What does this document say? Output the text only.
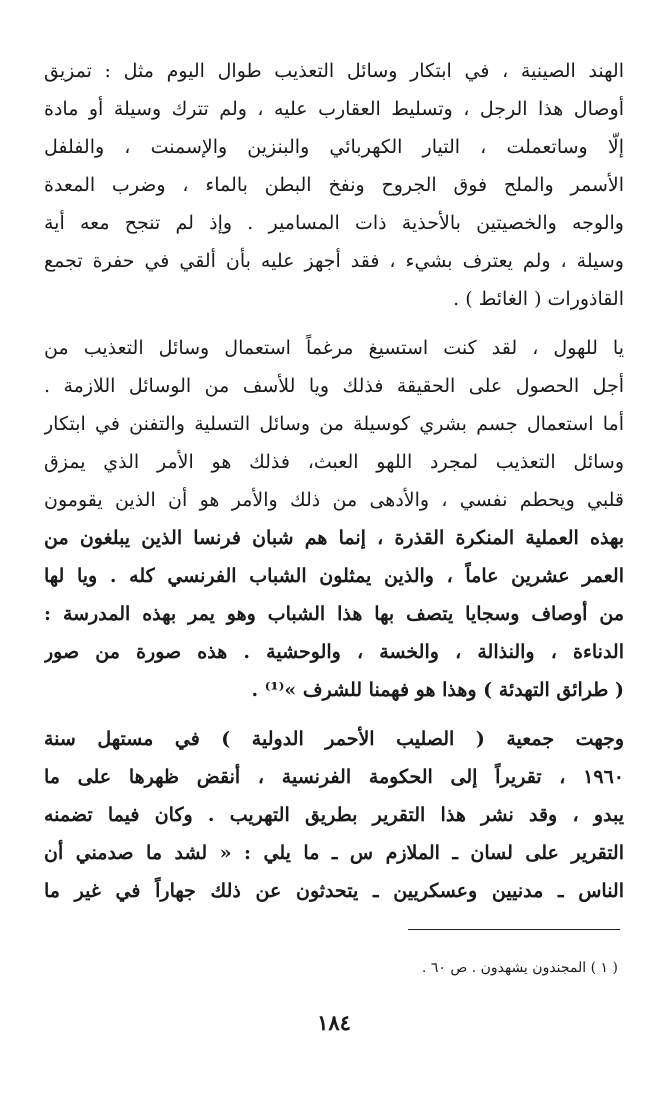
الهند الصينية ، في ابتكار وسائل التعذيب طوال اليوم مثل : تمزيق
أوصال هذا الرجل ، وتسليط العقارب عليه ، ولم تترك وسيلة أو مادة
إلّا وساتعملت ، التيار الكهربائي والبنزين والإسمنت ، والفلفل
الأسمر والملح فوق الجروح ونفخ البطن بالماء ، وضرب المعدة
والوجه والخصيتين بالأحذية ذات المسامير . وإذ لم تنجح معه أية
وسيلة ، ولم يعترف بشيء ، فقد أجهز عليه بأن ألقي في حفرة تجمع
القاذورات ( الغائط ) .
يا للهول ، لقد كنت استسيغ مرغماً استعمال وسائل التعذيب من
أجل الحصول على الحقيقة فذلك ويا للأسف من الوسائل اللازمة .
أما استعمال جسم بشري كوسيلة من وسائل التسلية والتفنن في ابتكار
وسائل التعذيب لمجرد اللهو العبث، فذلك هو الأمر الذي يمزق
قلبي ويحطم نفسي ، والأدهى من ذلك والأمر هو أن الذين يقومون
بهذه العملية المنكرة القذرة ، إنما هم شبان فرنسا الذين يبلغون من
العمر عشرين عاماً ، والذين يمثلون الشباب الفرنسي كله . ويا لها
من أوصاف وسجايا يتصف بها هذا الشباب وهو يمر بهذه المدرسة :
الدناءة ، والنذالة ، والخسة ، والوحشية . هذه صورة من صور
( طرائق التهدئة ) وهذا هو فهمنا للشرف »⁽¹⁾ .
وجهت جمعية ( الصليب الأحمر الدولية ) في مستهل سنة
١٩٦٠ ، تقريراً إلى الحكومة الفرنسية ، أنقض ظهرها على ما
يبدو ، وقد نشر هذا التقرير بطريق التهريب . وكان فيما تضمنه
التقرير على لسان ـ الملازم س ـ ما يلي : « لشد ما صدمني أن
الناس ـ مدنيين وعسكريين ـ يتحدثون عن ذلك جهاراً في غير ما
( ١ ) المجندون يشهدون . ص ٦٠ .
١٨٤
